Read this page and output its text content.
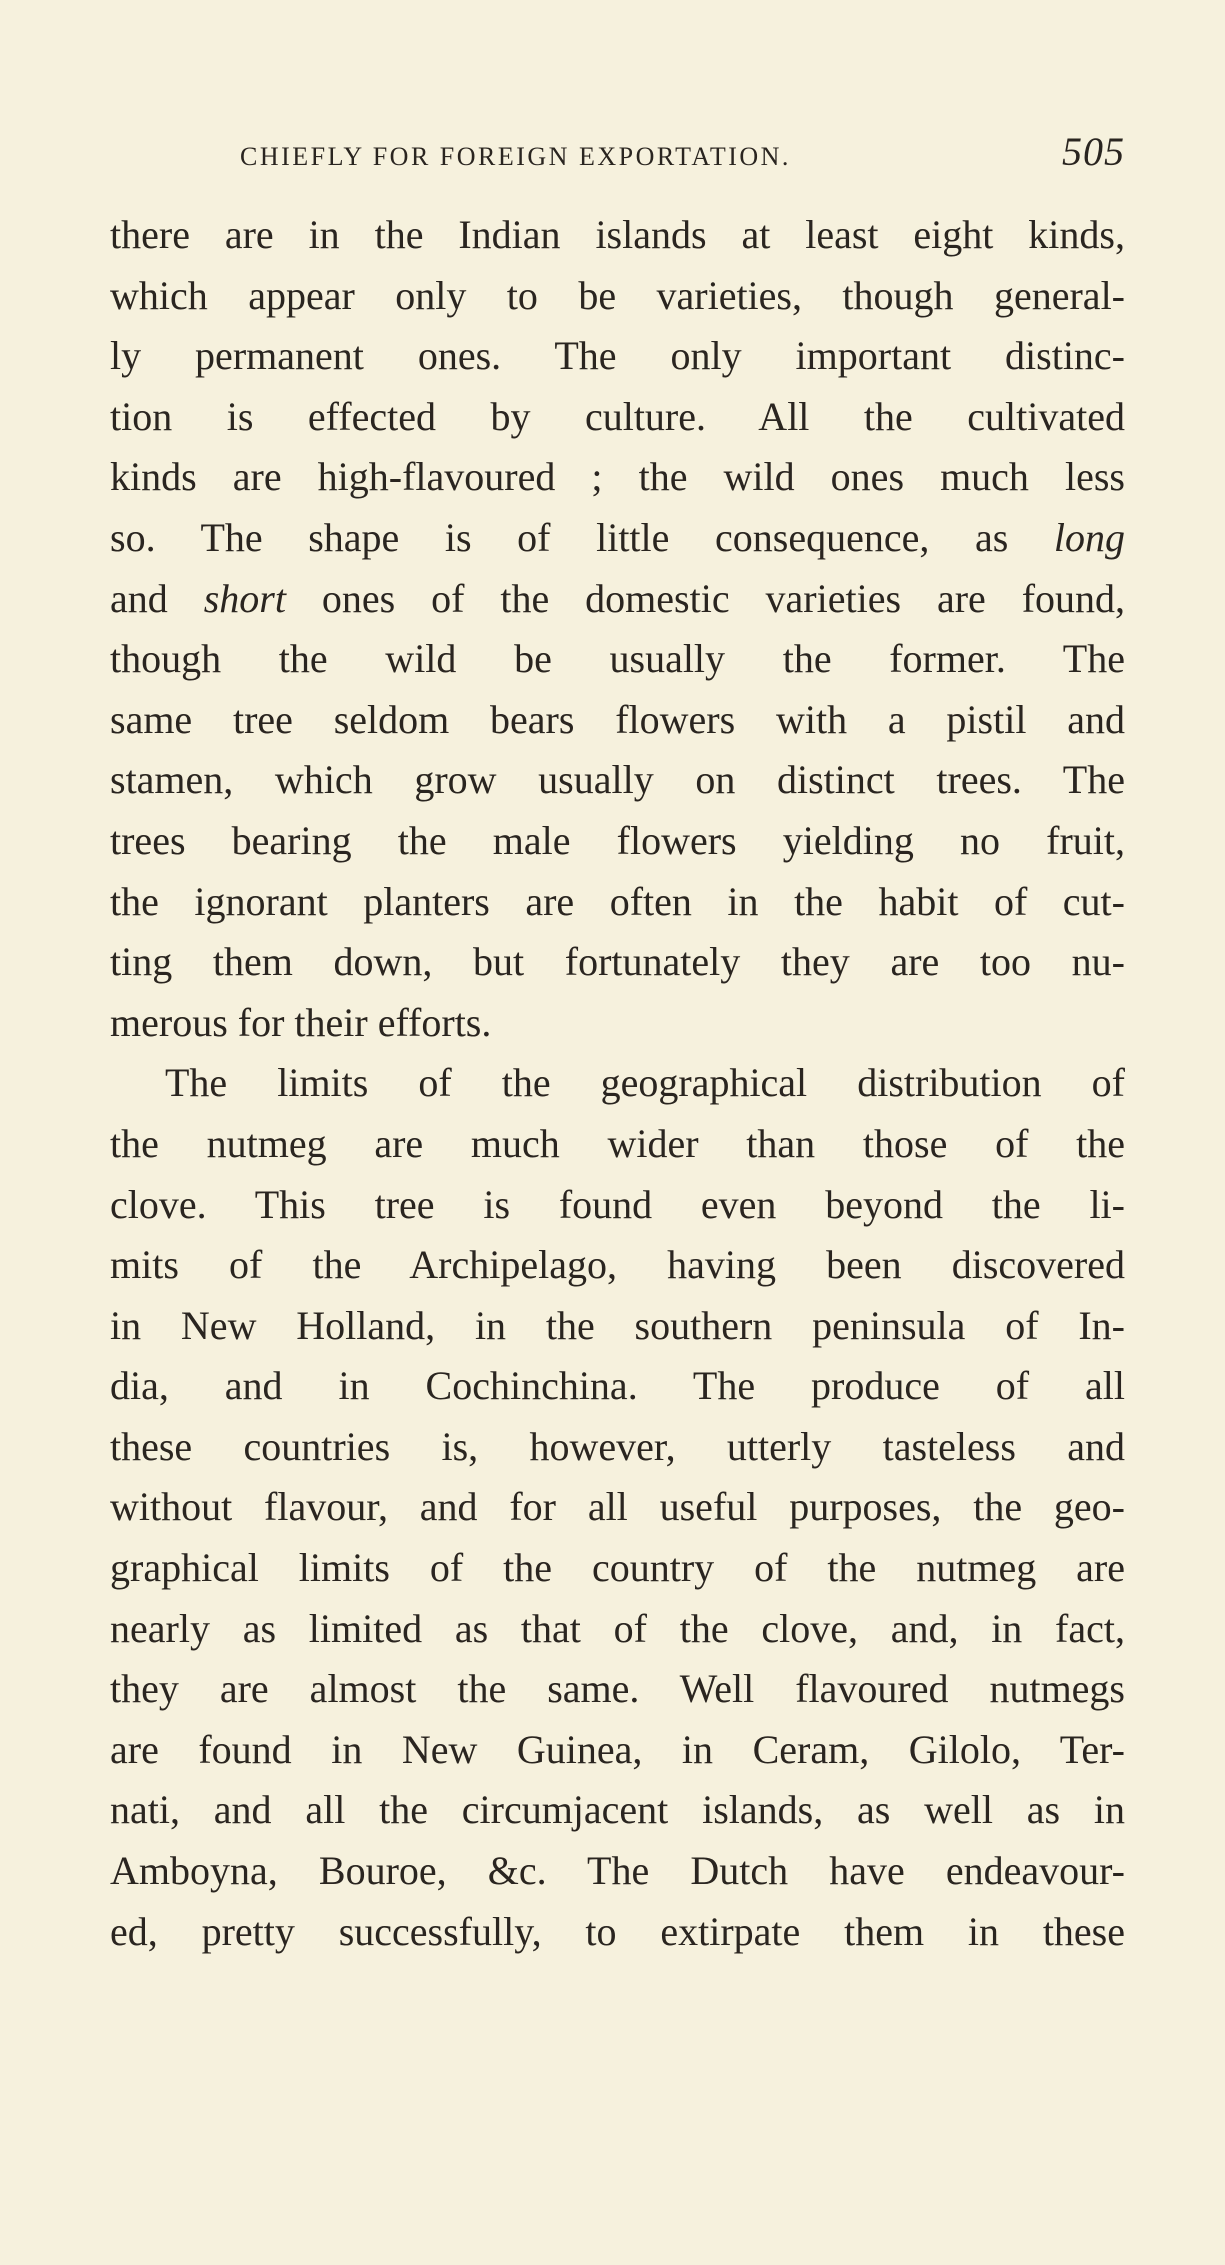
CHIEFLY FOR FOREIGN EXPORTATION.	505
there are in the Indian islands at least eight kinds,
which appear only to be varieties, though general-
ly permanent ones. The only important distinc-
tion is effected by culture. All the cultivated
kinds are high-flavoured ; the wild ones much less
so. The shape is of little consequence, as long
and short ones of the domestic varieties are found,
though the wild be usually the former. The
same tree seldom bears flowers with a pistil and
stamen, which grow usually on distinct trees. The
trees bearing the male flowers yielding no fruit,
the ignorant planters are often in the habit of cut-
ting them down, but fortunately they are too nu-
merous for their efforts.
The limits of the geographical distribution of
the nutmeg are much wider than those of the
clove. This tree is found even beyond the li-
mits of the Archipelago, having been discovered
in New Holland, in the southern peninsula of In-
dia, and in Cochinchina. The produce of all
these countries is, however, utterly tasteless and
without flavour, and for all useful purposes, the geo-
graphical limits of the country of the nutmeg are
nearly as limited as that of the clove, and, in fact,
they are almost the same. Well flavoured nutmegs
are found in New Guinea, in Ceram, Gilolo, Ter-
nati, and all the circumjacent islands, as well as in
Amboyna, Bouroe, &c. The Dutch have endeavour-
ed, pretty successfully, to extirpate them in these
